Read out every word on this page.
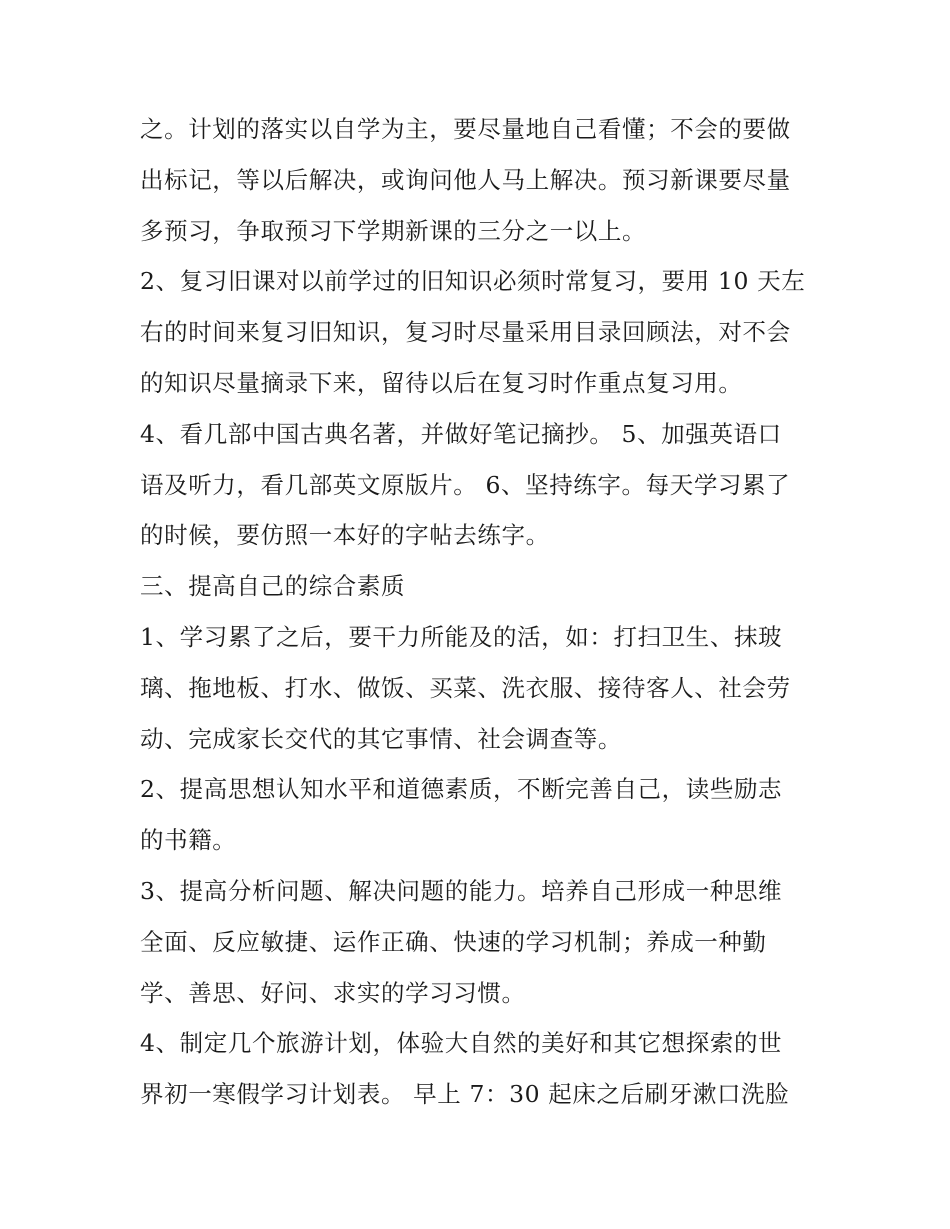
之。计划的落实以自学为主，要尽量地自己看懂；不会的要做
出标记，等以后解决，或询问他人马上解决。预习新课要尽量
多预习，争取预习下学期新课的三分之一以上。
2、复习旧课对以前学过的旧知识必须时常复习，要用 10 天左
右的时间来复习旧知识，复习时尽量采用目录回顾法，对不会
的知识尽量摘录下来，留待以后在复习时作重点复习用。
4、看几部中国古典名著，并做好笔记摘抄。 5、加强英语口
语及听力，看几部英文原版片。 6、坚持练字。每天学习累了
的时候，要仿照一本好的字帖去练字。
三、提高自己的综合素质
1、学习累了之后，要干力所能及的活，如：打扫卫生、抹玻
璃、拖地板、打水、做饭、买菜、洗衣服、接待客人、社会劳
动、完成家长交代的其它事情、社会调查等。
2、提高思想认知水平和道德素质，不断完善自己，读些励志
的书籍。
3、提高分析问题、解决问题的能力。培养自己形成一种思维
全面、反应敏捷、运作正确、快速的学习机制；养成一种勤
学、善思、好问、求实的学习习惯。
4、制定几个旅游计划，体验大自然的美好和其它想探索的世
界初一寒假学习计划表。 早上 7：30 起床之后刷牙漱口洗脸
